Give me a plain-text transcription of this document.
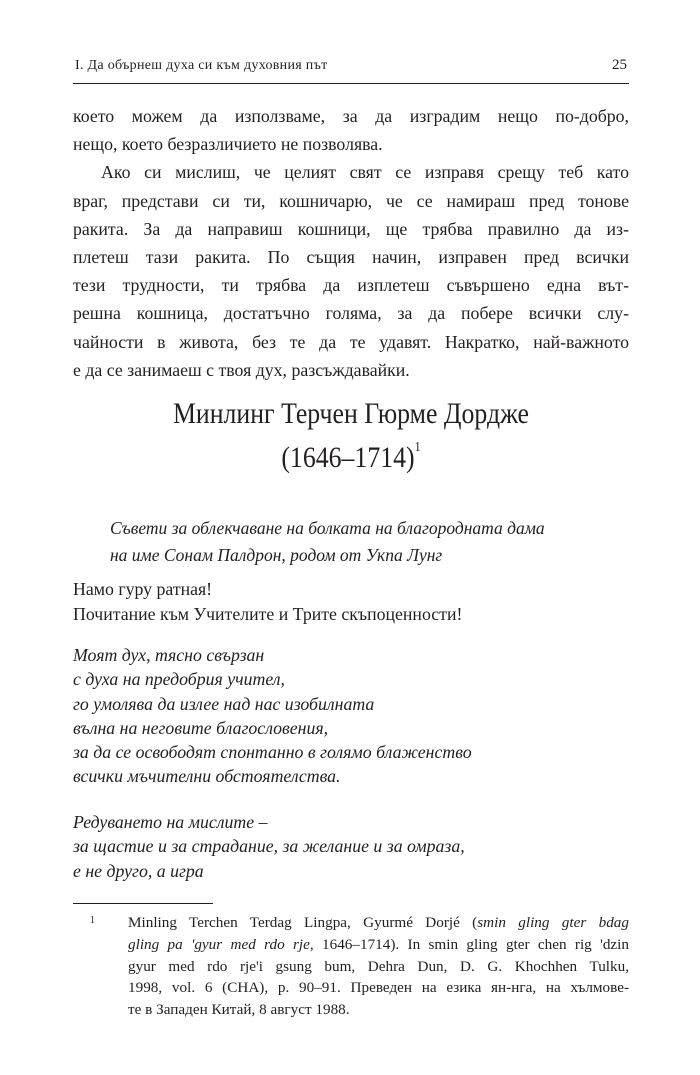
I. Да обърнеш духа си към духовния път	25

което можем да използваме, за да изградим нещо по-добро,
нещо, което безразличието не позволява.

Ако си мислиш, че целият свят се изправя срещу теб като
враг, представи си ти, кошничарю, че се намираш пред тонове
ракита. За да направиш кошници, ще трябва правилно да из-
плетеш тази ракита. По същия начин, изправен пред всички
тези трудности, ти трябва да изплетеш съвършено една вът-
решна кошница, достатъчно голяма, за да побере всички слу-
чайности в живота, без те да те удавят. Накратко, най-важното
е да се занимаеш с твоя дух, разсъждавайки.

Минлинг Терчен Гюрме Дордже
(1646–1714)$^1$
Съвети за облекчаване на болката на благородната дама
на име Сонам Палдрон, родом от Укпа Лунг
Намо гуру ратная!
Почитание към Учителите и Трите скъпоценности!
Моят дух, тясно свързан
с духа на предобрия учител,
го умолява да излее над нас изобилната
вълна на неговите благословения,
за да се освободят спонтанно в голямо блаженство
всички мъчителни обстоятелства.
Редуването на мислите –
за щастие и за страдание, за желание и за омраза,
е не друго, а игра
1 Minling Terchen Terdag Lingpa, Gyurmé Dorjé (smin gling gter bdag
gling pa 'gyur med rdo rje, 1646–1714). In smin gling gter chen rig 'dzin
gyur med rdo rje'i gsung bum, Dehra Dun, D. G. Khochhen Tulku,
1998, vol. 6 (CHA), p. 90–91. Преведен на езика ян-нга, на хълмове-
те в Западен Китай, 8 август 1988.
